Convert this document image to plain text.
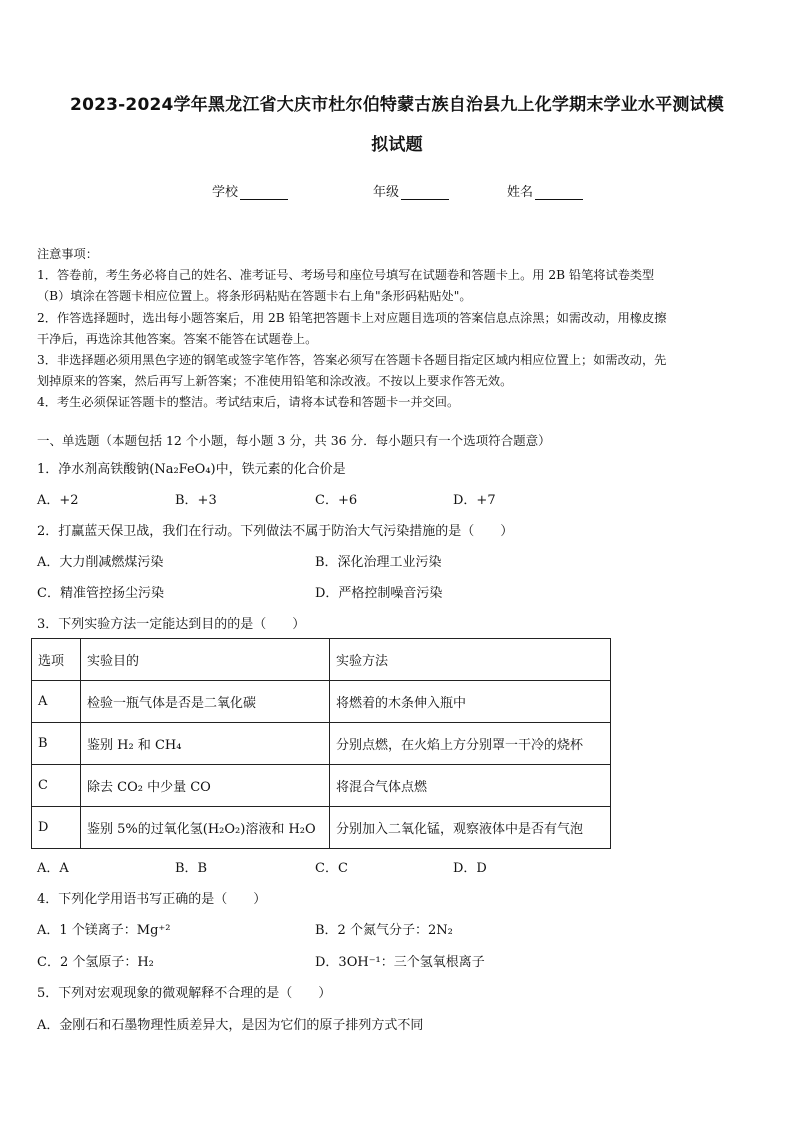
2023-2024学年黑龙江省大庆市杜尔伯特蒙古族自治县九上化学期末学业水平测试模
拟试题
学校	年级	姓名

注意事项：

1．答卷前，考生务必将自己的姓名、准考证号、考场号和座位号填写在试题卷和答题卡上。用 2B 铅笔将试卷类型

（B）填涂在答题卡相应位置上。将条形码粘贴在答题卡右上角"条形码粘贴处"。

2．作答选择题时，选出每小题答案后，用 2B 铅笔把答题卡上对应题目选项的答案信息点涂黑；如需改动，用橡皮擦

干净后，再选涂其他答案。答案不能答在试题卷上。

3．非选择题必须用黑色字迹的钢笔或签字笔作答，答案必须写在答题卡各题目指定区域内相应位置上；如需改动，先

划掉原来的答案，然后再写上新答案；不准使用铅笔和涂改液。不按以上要求作答无效。

4．考生必须保证答题卡的整洁。考试结束后，请将本试卷和答题卡一并交回。

一、单选题（本题包括 12 个小题，每小题 3 分，共 36 分．每小题只有一个选项符合题意）
1．净水剂高铁酸钠(Na₂FeO₄)中，铁元素的化合价是
A．+2	B．+3	C．+6	D．+7
2．打赢蓝天保卫战，我们在行动。下列做法不属于防治大气污染措施的是（　　）
A．大力削减燃煤污染	B．深化治理工业污染
C．精准管控扬尘污染	D．严格控制噪音污染
3．下列实验方法一定能达到目的的是（　　）
选项	实验目的	实验方法
A	检验一瓶气体是否是二氧化碳	将燃着的木条伸入瓶中
B	鉴别 H₂ 和 CH₄	分别点燃，在火焰上方分别罩一干冷的烧杯
C	除去 CO₂ 中少量 CO	将混合气体点燃
D	鉴别 5%的过氧化氢(H₂O₂)溶液和 H₂O	分别加入二氧化锰，观察液体中是否有气泡
A．A	B．B	C．C	D．D
4．下列化学用语书写正确的是（　　）
A．1 个镁离子：Mg⁺²	B．2 个氮气分子：2N₂
C．2 个氢原子：H₂	D．3OH⁻¹：三个氢氧根离子
5．下列对宏观现象的微观解释不合理的是（　　）
A．金刚石和石墨物理性质差异大，是因为它们的原子排列方式不同
